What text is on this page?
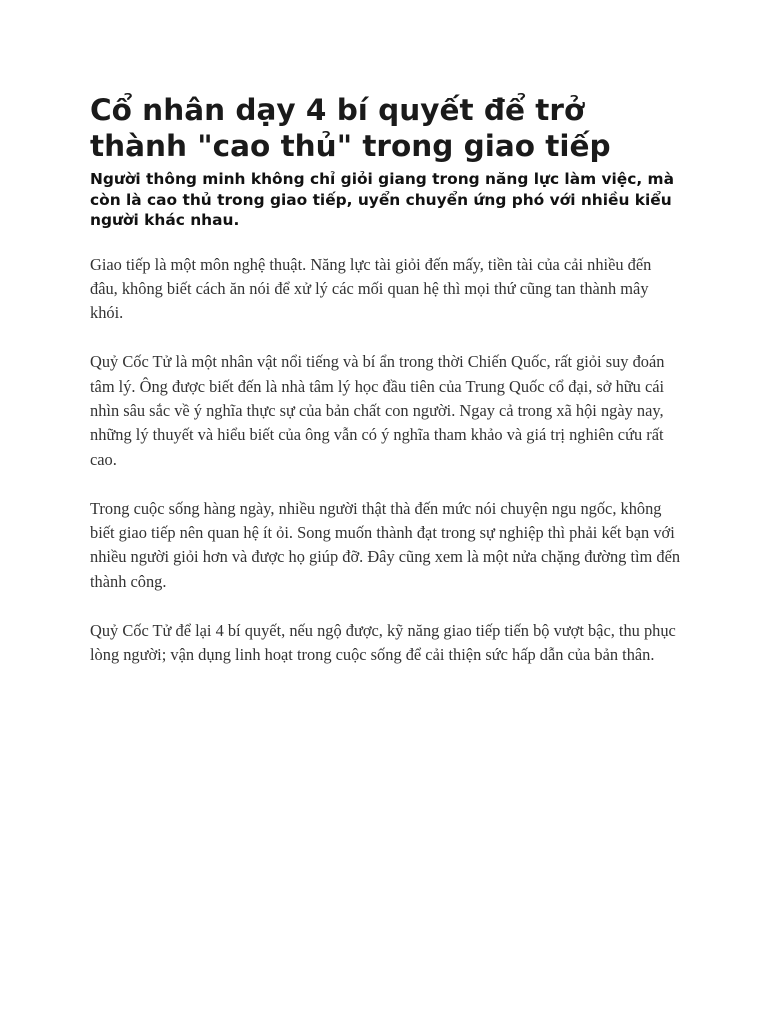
Cổ nhân dạy 4 bí quyết để trở thành "cao thủ" trong giao tiếp

Người thông minh không chỉ giỏi giang trong năng lực làm việc, mà còn là cao thủ trong giao tiếp, uyển chuyển ứng phó với nhiều kiểu người khác nhau.

Giao tiếp là một môn nghệ thuật. Năng lực tài giỏi đến mấy, tiền tài của cải nhiều đến đâu, không biết cách ăn nói để xử lý các mối quan hệ thì mọi thứ cũng tan thành mây khói.

Quỷ Cốc Tử là một nhân vật nổi tiếng và bí ẩn trong thời Chiến Quốc, rất giỏi suy đoán tâm lý. Ông được biết đến là nhà tâm lý học đầu tiên của Trung Quốc cổ đại, sở hữu cái nhìn sâu sắc về ý nghĩa thực sự của bản chất con người. Ngay cả trong xã hội ngày nay, những lý thuyết và hiểu biết của ông vẫn có ý nghĩa tham khảo và giá trị nghiên cứu rất cao.

Trong cuộc sống hàng ngày, nhiều người thật thà đến mức nói chuyện ngu ngốc, không biết giao tiếp nên quan hệ ít ỏi. Song muốn thành đạt trong sự nghiệp thì phải kết bạn với nhiều người giỏi hơn và được họ giúp đỡ. Đây cũng xem là một nửa chặng đường tìm đến thành công.

Quỷ Cốc Tử để lại 4 bí quyết, nếu ngộ được, kỹ năng giao tiếp tiến bộ vượt bậc, thu phục lòng người; vận dụng linh hoạt trong cuộc sống để cải thiện sức hấp dẫn của bản thân.
